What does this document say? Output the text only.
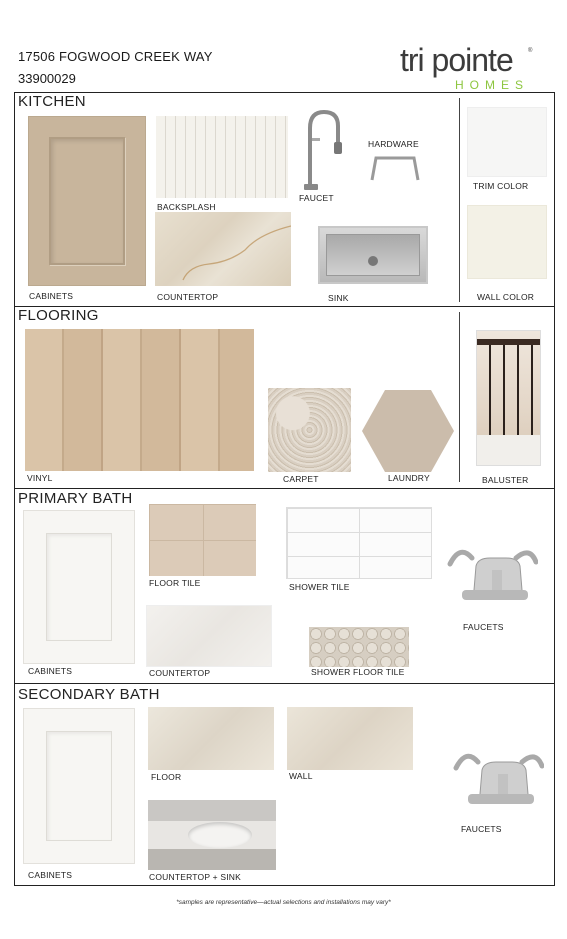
17506 FOGWOOD CREEK WAY
33900029
tri pointe	®
HOMES
KITCHEN
CABINETS
BACKSPLASH
FAUCET
HARDWARE
COUNTERTOP	SINK
TRIM COLOR
WALL COLOR
FLOORING
VINYL	CARPET	LAUNDRY	BALUSTER
PRIMARY BATH
CABINETS
FLOOR TILE	SHOWER TILE
FAUCETS
COUNTERTOP	SHOWER FLOOR TILE
SECONDARY BATH
CABINETS
FLOOR	WALL
FAUCETS
COUNTERTOP + SINK
*samples are representative—actual selections and installations may vary*
